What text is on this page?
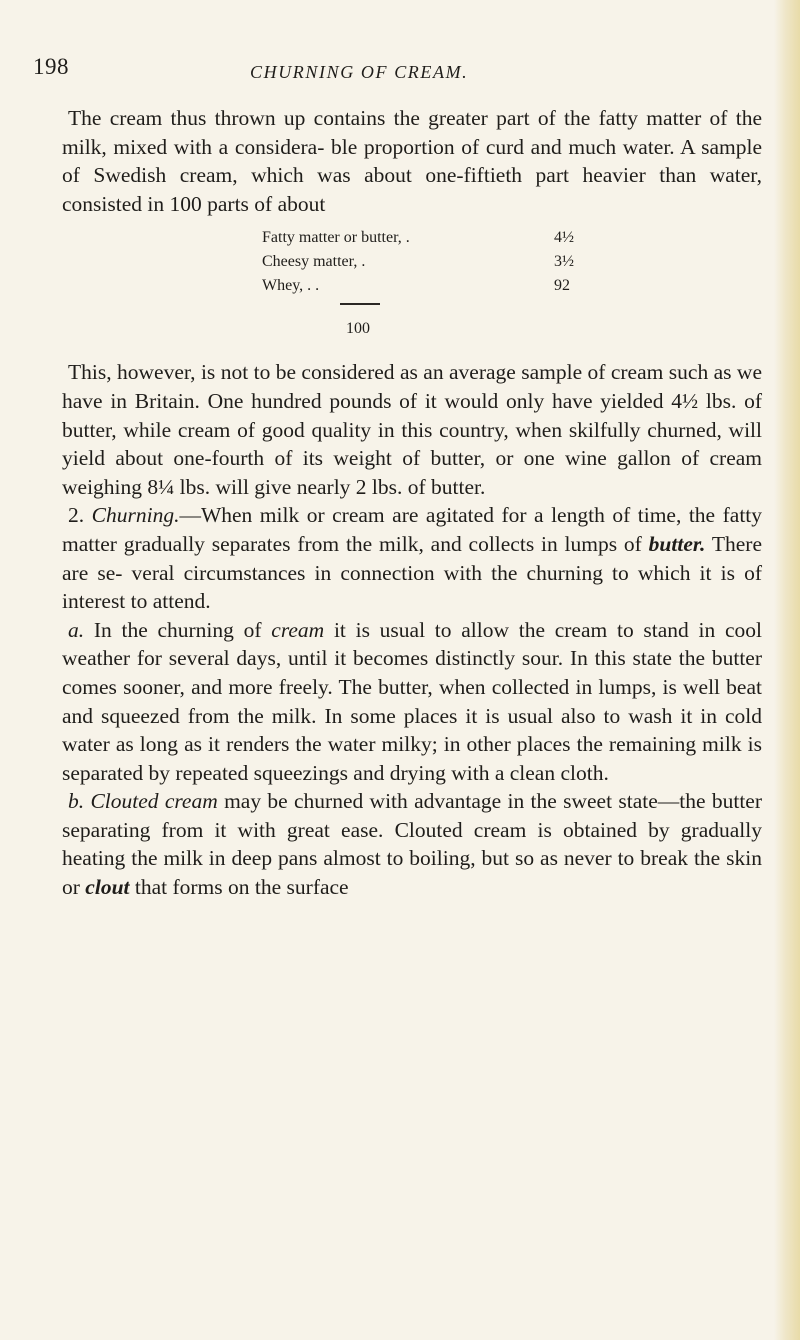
198	CHURNING OF CREAM.

The cream thus thrown up contains the greater part of the fatty matter of the milk, mixed with a considera- ble proportion of curd and much water. A sample of Swedish cream, which was about one-fiftieth part heavier than water, consisted in 100 parts of about

Fatty matter or butter, .	4½
Cheesy matter, .	3½
Whey, . .	92
100

This, however, is not to be considered as an average sample of cream such as we have in Britain. One hundred pounds of it would only have yielded 4½ lbs. of butter, while cream of good quality in this country, when skilfully churned, will yield about one-fourth of its weight of butter, or one wine gallon of cream weighing 8¼ lbs. will give nearly 2 lbs. of butter.

2. Churning.—When milk or cream are agitated for a length of time, the fatty matter gradually separates from the milk, and collects in lumps of butter. There are se- veral circumstances in connection with the churning to which it is of interest to attend.

a. In the churning of cream it is usual to allow the cream to stand in cool weather for several days, until it becomes distinctly sour. In this state the butter comes sooner, and more freely. The butter, when collected in lumps, is well beat and squeezed from the milk. In some places it is usual also to wash it in cold water as long as it renders the water milky; in other places the remaining milk is separated by repeated squeezings and drying with a clean cloth.

b. Clouted cream may be churned with advantage in the sweet state—the butter separating from it with great ease. Clouted cream is obtained by gradually heating the milk in deep pans almost to boiling, but so as never to break the skin or clout that forms on the surface
